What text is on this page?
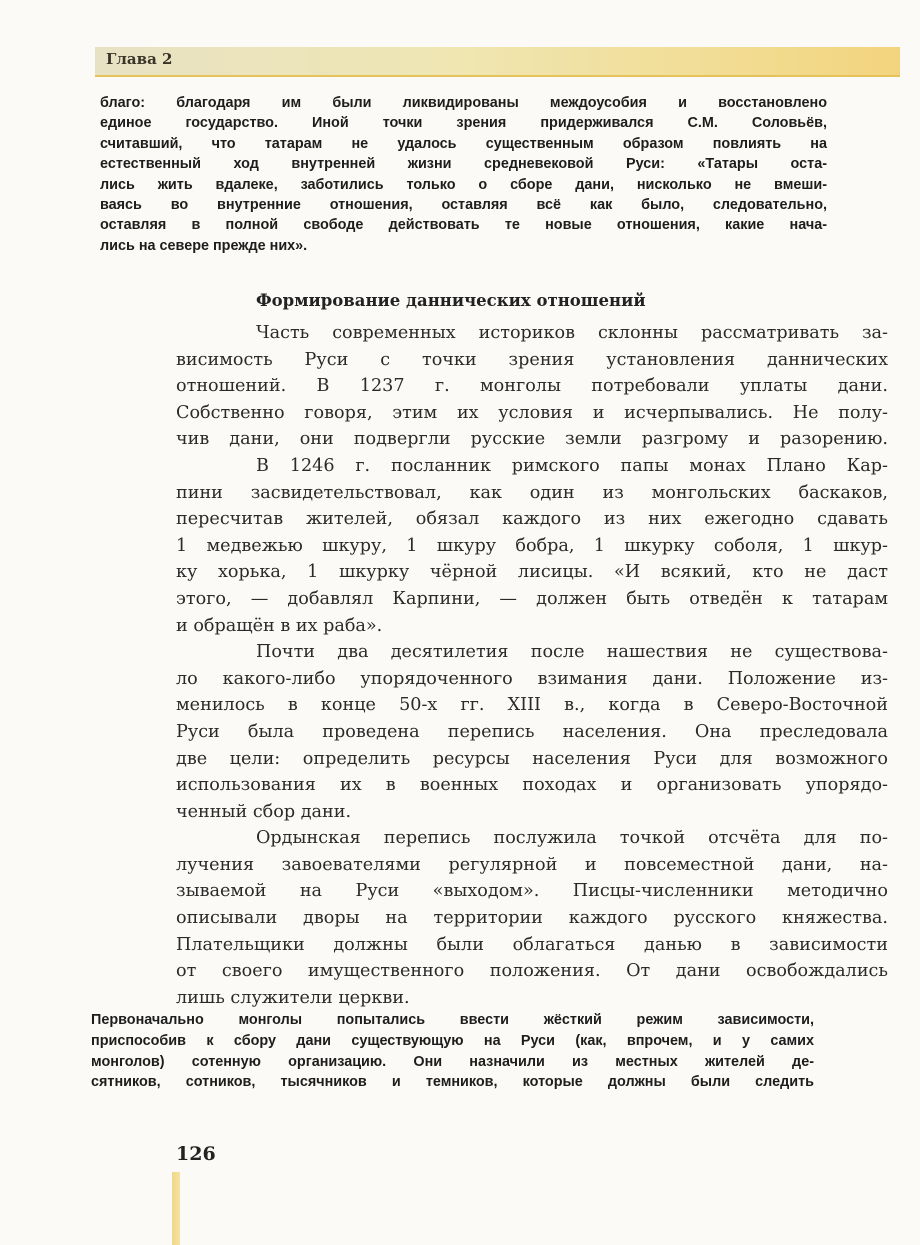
Глава 2
благо: благодаря им были ликвидированы междоусобия и восстановлено
единое государство. Иной точки зрения придерживался С.М. Соловьёв,
считавший, что татарам не удалось существенным образом повлиять на
естественный ход внутренней жизни средневековой Руси: «Татары оста-
лись жить вдалеке, заботились только о сборе дани, нисколько не вмеши-
ваясь во внутренние отношения, оставляя всё как было, следовательно,
оставляя в полной свободе действовать те новые отношения, какие нача-
лись на севере прежде них».
Формирование даннических отношений
Часть современных историков склонны рассматривать за-
висимость Руси с точки зрения установления даннических
отношений. В 1237 г. монголы потребовали уплаты дани.
Собственно говоря, этим их условия и исчерпывались. Не полу-
чив дани, они подвергли русские земли разгрому и разорению.
В 1246 г. посланник римского папы монах Плано Кар-
пини засвидетельствовал, как один из монгольских баскаков,
пересчитав жителей, обязал каждого из них ежегодно сдавать
1 медвежью шкуру, 1 шкуру бобра, 1 шкурку соболя, 1 шкур-
ку хорька, 1 шкурку чёрной лисицы. «И всякий, кто не даст
этого, — добавлял Карпини, — должен быть отведён к татарам
и обращён в их раба».
Почти два десятилетия после нашествия не существова-
ло какого-либо упорядоченного взимания дани. Положение из-
менилось в конце 50-х гг. XIII в., когда в Северо-Восточной
Руси была проведена перепись населения. Она преследовала
две цели: определить ресурсы населения Руси для возможного
использования их в военных походах и организовать упорядо-
ченный сбор дани.
Ордынская перепись послужила точкой отсчёта для по-
лучения завоевателями регулярной и повсеместной дани, на-
зываемой на Руси «выходом». Писцы-численники методично
описывали дворы на территории каждого русского княжества.
Плательщики должны были облагаться данью в зависимости
от своего имущественного положения. От дани освобождались
лишь служители церкви.
Первоначально монголы попытались ввести жёсткий режим зависимости,
приспособив к сбору дани существующую на Руси (как, впрочем, и у самих
монголов) сотенную организацию. Они назначили из местных жителей де-
сятников, сотников, тысячников и темников, которые должны были следить
126
